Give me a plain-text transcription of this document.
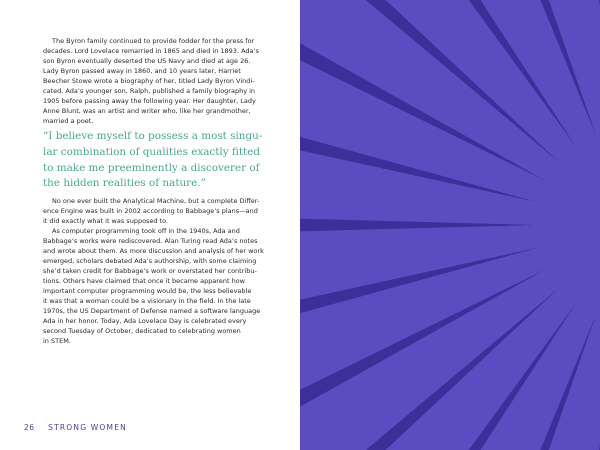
The Byron family continued to provide fodder for the press for
decades. Lord Lovelace remarried in 1865 and died in 1893. Ada’s
son Byron eventually deserted the US Navy and died at age 26.
Lady Byron passed away in 1860, and 10 years later, Harriet
Beecher Stowe wrote a biography of her, titled Lady Byron Vindi-
cated. Ada’s younger son, Ralph, published a family biography in
1905 before passing away the following year. Her daughter, Lady
Anne Blunt, was an artist and writer who, like her grandmother,
married a poet.

“I believe myself to possess a most singu-
lar combination of qualities exactly fitted
to make me preeminently a discoverer of
the hidden realities of nature.”

No one ever built the Analytical Machine, but a complete Differ-
ence Engine was built in 2002 according to Babbage’s plans—and
it did exactly what it was supposed to.

As computer programming took off in the 1940s, Ada and
Babbage’s works were rediscovered. Alan Turing read Ada’s notes
and wrote about them. As more discussion and analysis of her work
emerged, scholars debated Ada’s authorship, with some claiming
she’d taken credit for Babbage’s work or overstated her contribu-
tions. Others have claimed that once it became apparent how
important computer programming would be, the less believable
it was that a woman could be a visionary in the field. In the late
1970s, the US Department of Defense named a software language
Ada in her honor. Today, Ada Lovelace Day is celebrated every
second Tuesday of October, dedicated to celebrating women
in STEM.

26 STRONG WOMEN
